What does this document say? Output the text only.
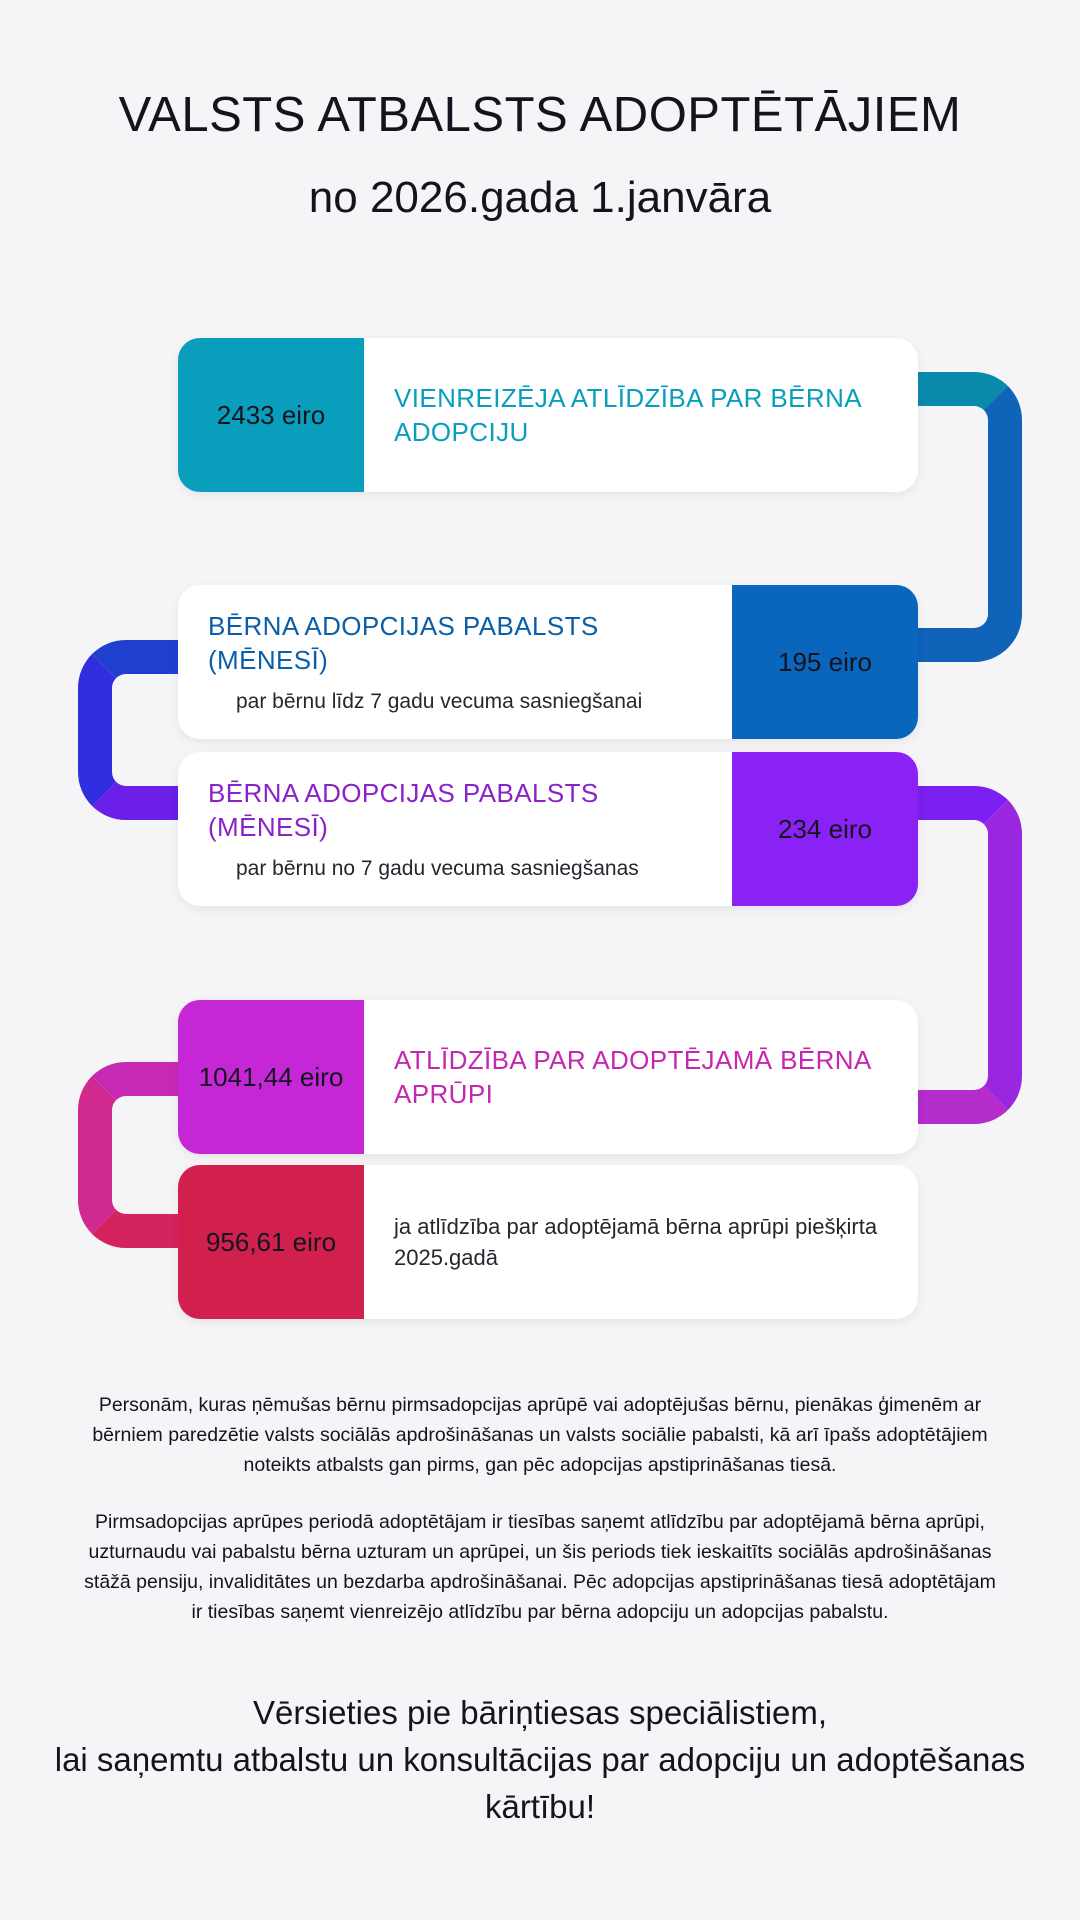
VALSTS ATBALSTS ADOPTĒTĀJIEM
no 2026.gada 1.janvāra
2433 eiro
VIENREIZĒJA ATLĪDZĪBA PAR BĒRNA ADOPCIJU
BĒRNA ADOPCIJAS PABALSTS (MĒNESĪ)
par bērnu līdz 7 gadu vecuma sasniegšanai
195 eiro
BĒRNA ADOPCIJAS PABALSTS (MĒNESĪ)
par bērnu no 7 gadu vecuma sasniegšanas
234 eiro
1041,44 eiro
ATLĪDZĪBA PAR ADOPTĒJAMĀ BĒRNA APRŪPI
956,61 eiro
ja atlīdzība par adoptējamā bērna aprūpi piešķirta 2025.gadā

Personām, kuras ņēmušas bērnu pirmsadopcijas aprūpē vai adoptējušas bērnu, pienākas ģimenēm ar bērniem paredzētie valsts sociālās apdrošināšanas un valsts sociālie pabalsti, kā arī īpašs adoptētājiem noteikts atbalsts gan pirms, gan pēc adopcijas apstiprināšanas tiesā.

Pirmsadopcijas aprūpes periodā adoptētājam ir tiesības saņemt atlīdzību par adoptējamā bērna aprūpi, uzturnaudu vai pabalstu bērna uzturam un aprūpei, un šis periods tiek ieskaitīts sociālās apdrošināšanas stāžā pensiju, invaliditātes un bezdarba apdrošināšanai. Pēc adopcijas apstiprināšanas tiesā adoptētājam ir tiesības saņemt vienreizējo atlīdzību par bērna adopciju un adopcijas pabalstu.

Vērsieties pie bāriņtiesas speciālistiem,
lai saņemtu atbalstu un konsultācijas par adopciju un adoptēšanas kārtību!
